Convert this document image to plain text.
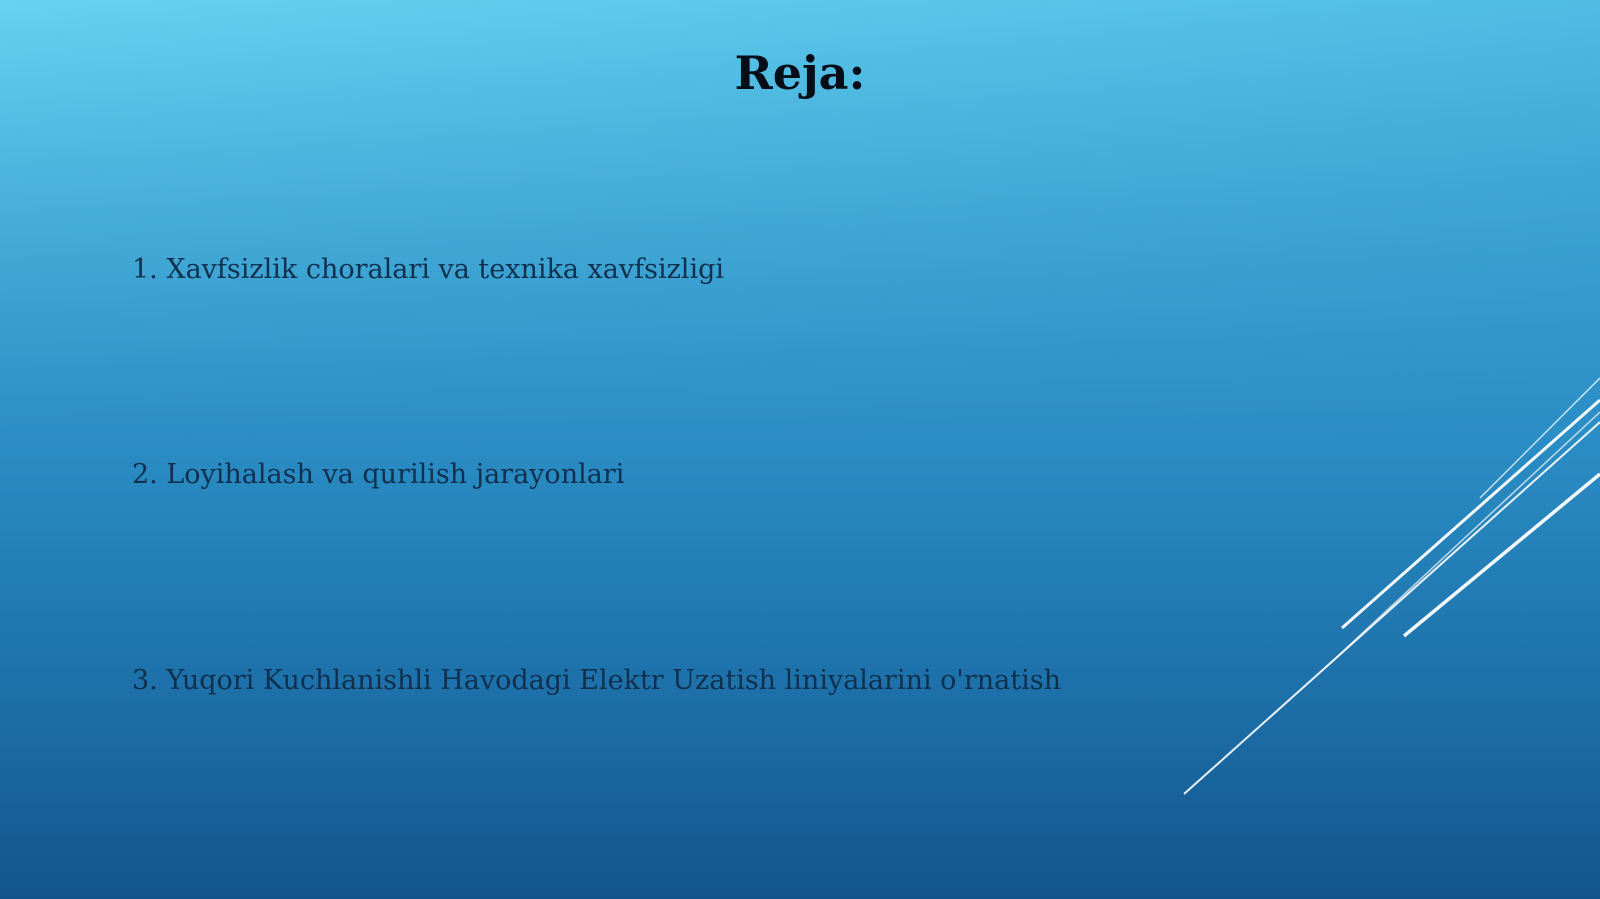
Reja:
1. Xavfsizlik choralari va texnika xavfsizligi
2. Loyihalash va qurilish jarayonlari
3. Yuqori Kuchlanishli Havodagi Elektr Uzatish liniyalarini o'rnatish
